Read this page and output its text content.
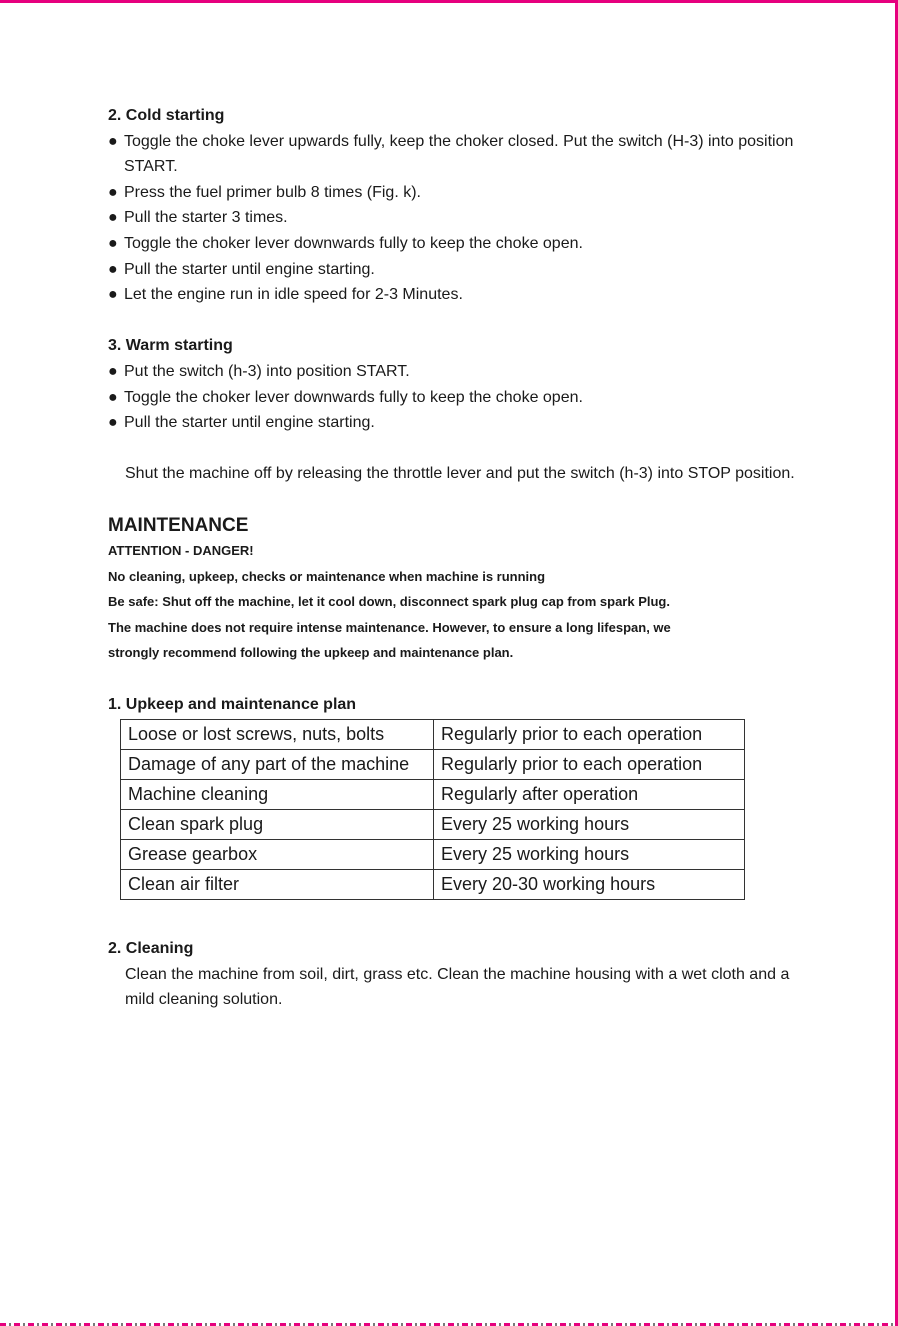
2. Cold starting

● Toggle the choke lever upwards fully, keep the choker closed. Put the switch (H-3) into position START.
● Press the fuel primer bulb 8 times (Fig. k).
● Pull the starter 3 times.
● Toggle the choker lever downwards fully to keep the choke open.
● Pull the starter until engine starting.
● Let the engine run in idle speed for 2-3 Minutes.

3. Warm starting

● Put the switch (h-3) into position START.
● Toggle the choker lever downwards fully to keep the choke open.
● Pull the starter until engine starting.

Shut the machine off by releasing the throttle lever and put the switch (h-3) into STOP position.

MAINTENANCE

ATTENTION - DANGER!

No cleaning, upkeep, checks or maintenance when machine is running

Be safe: Shut off the machine, let it cool down, disconnect spark plug cap from spark Plug.

The machine does not require intense maintenance. However, to ensure a long lifespan, we

strongly recommend following the upkeep and maintenance plan.

1. Upkeep and maintenance plan

Loose or lost screws, nuts, bolts	Regularly prior to each operation
Damage of any part of the machine	Regularly prior to each operation
Machine cleaning	Regularly after operation
Clean spark plug	Every 25 working hours
Grease gearbox	Every 25 working hours
Clean air filter	Every 20-30 working hours

2. Cleaning

Clean the machine from soil, dirt, grass etc. Clean the machine housing with a wet cloth and a mild cleaning solution.
